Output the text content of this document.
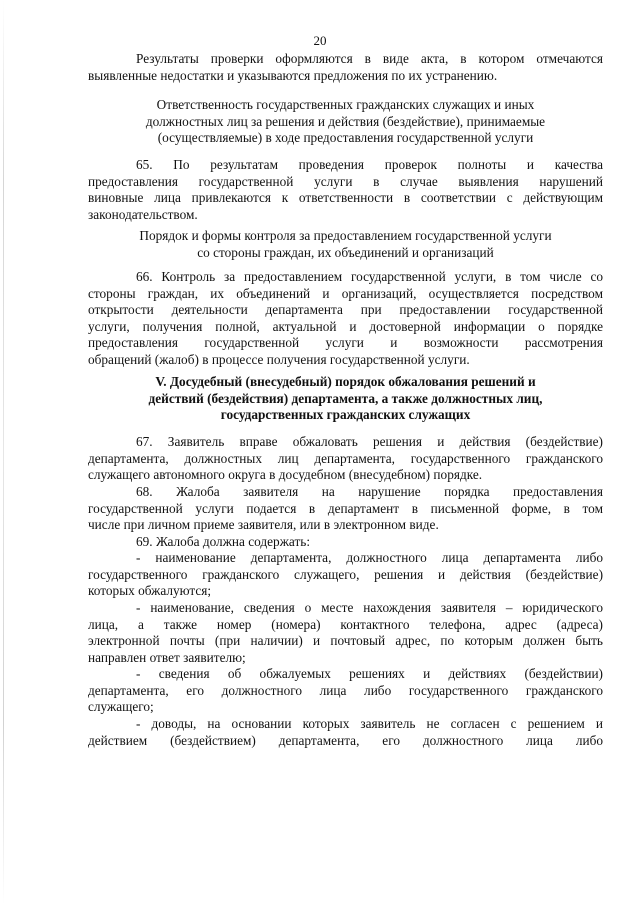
20
Результаты проверки оформляются в виде акта, в котором отмечаются
выявленные недостатки и указываются предложения по их устранению.
Ответственность государственных гражданских служащих и иных
должностных лиц за решения и действия (бездействие), принимаемые
(осуществляемые) в ходе предоставления государственной услуги
65. По результатам проведения проверок полноты и качества
предоставления государственной услуги в случае выявления нарушений
виновные лица привлекаются к ответственности в соответствии с действующим
законодательством.
Порядок и формы контроля за предоставлением государственной услуги
со стороны граждан, их объединений и организаций
66. Контроль за предоставлением государственной услуги, в том числе со
стороны граждан, их объединений и организаций, осуществляется посредством
открытости деятельности департамента при предоставлении государственной
услуги, получения полной, актуальной и достоверной информации о порядке
предоставления государственной услуги и возможности рассмотрения
обращений (жалоб) в процессе получения государственной услуги.
V. Досудебный (внесудебный) порядок обжалования решений и
действий (бездействия) департамента, а также должностных лиц,
государственных гражданских служащих
67. Заявитель вправе обжаловать решения и действия (бездействие)
департамента, должностных лиц департамента, государственного гражданского
служащего автономного округа в досудебном (внесудебном) порядке.
68. Жалоба заявителя на нарушение порядка предоставления
государственной услуги подается в департамент в письменной форме, в том
числе при личном приеме заявителя, или в электронном виде.
69. Жалоба должна содержать:
- наименование департамента, должностного лица департамента либо
государственного гражданского служащего, решения и действия (бездействие)
которых обжалуются;
- наименование, сведения о месте нахождения заявителя – юридического
лица, а также номер (номера) контактного телефона, адрес (адреса)
электронной почты (при наличии) и почтовый адрес, по которым должен быть
направлен ответ заявителю;
- сведения об обжалуемых решениях и действиях (бездействии)
департамента, его должностного лица либо государственного гражданского
служащего;
- доводы, на основании которых заявитель не согласен с решением и
действием (бездействием) департамента, его должностного лица либо
